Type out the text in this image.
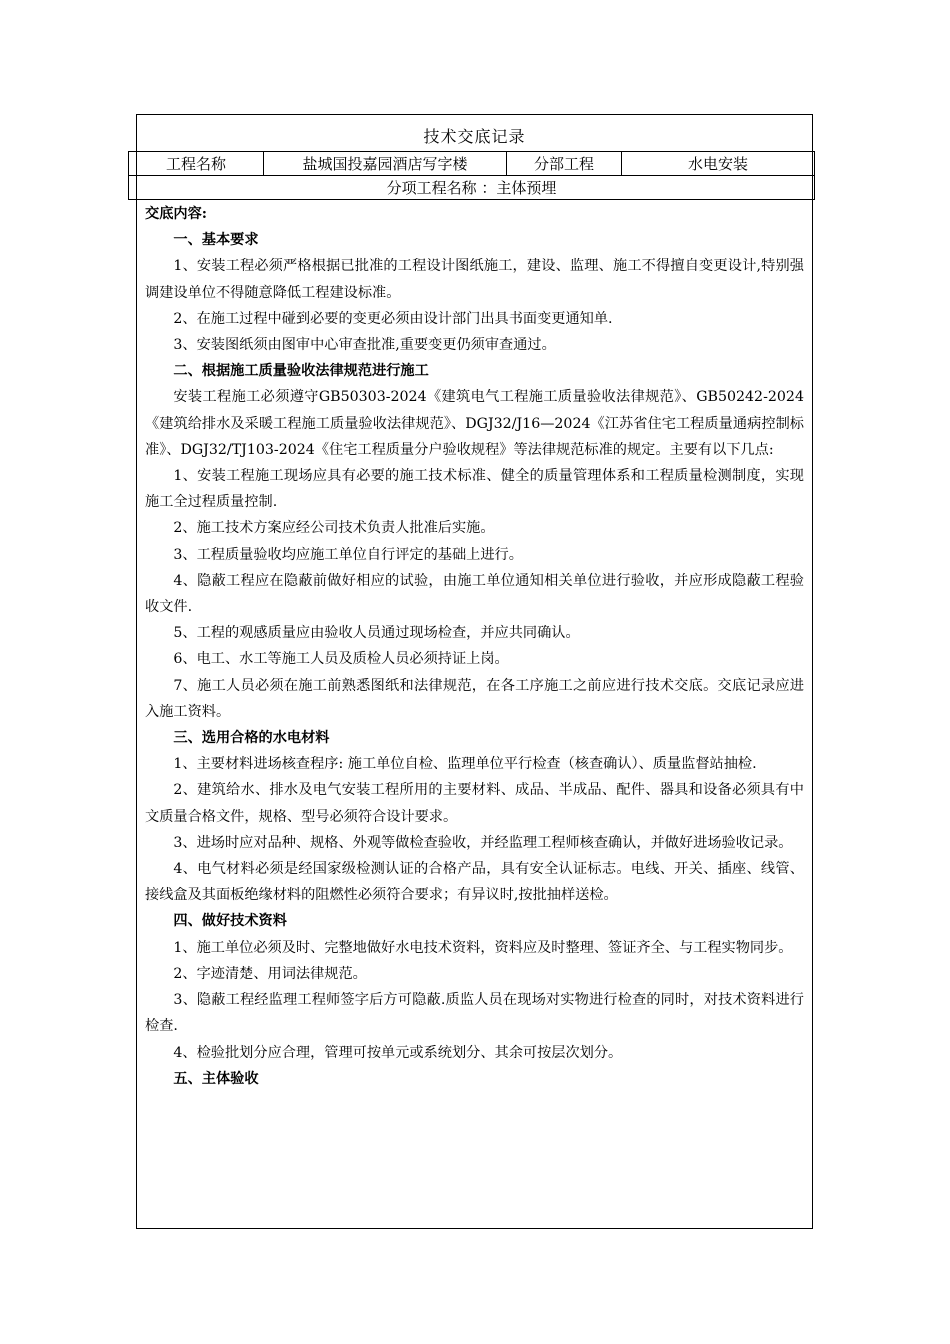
技术交底记录
工程名称	盐城国投嘉园酒店写字楼	分部工程	水电安装
分项工程名称 ：主体预埋

交底内容:

一、基本要求

1、安装工程必须严格根据已批准的工程设计图纸施工，建设、监理、施工不得擅自变更设计,特别强调建设单位不得随意降低工程建设标准。

2、在施工过程中碰到必要的变更必须由设计部门出具书面变更通知单.

3、安装图纸须由图审中心审查批准,重要变更仍须审查通过。

二、根据施工质量验收法律规范进行施工

安装工程施工必须遵守GB50303-2024《建筑电气工程施工质量验收法律规范》、GB50242-2024《建筑给排水及采暖工程施工质量验收法律规范》、DGJ32/J16—2024《江苏省住宅工程质量通病控制标准》、DGJ32/TJ103-2024《住宅工程质量分户验收规程》等法律规范标准的规定。主要有以下几点:

1、安装工程施工现场应具有必要的施工技术标准、健全的质量管理体系和工程质量检测制度，实现施工全过程质量控制.

2、施工技术方案应经公司技术负责人批准后实施。

3、工程质量验收均应施工单位自行评定的基础上进行。

4、隐蔽工程应在隐蔽前做好相应的试验，由施工单位通知相关单位进行验收，并应形成隐蔽工程验收文件.

5、工程的观感质量应由验收人员通过现场检查，并应共同确认。

6、电工、水工等施工人员及质检人员必须持证上岗。

7、施工人员必须在施工前熟悉图纸和法律规范，在各工序施工之前应进行技术交底。交底记录应进入施工资料。

三、选用合格的水电材料

1、主要材料进场核查程序: 施工单位自检、监理单位平行检查（核查确认）、质量监督站抽检.

2、建筑给水、排水及电气安装工程所用的主要材料、成品、半成品、配件、器具和设备必须具有中文质量合格文件，规格、型号必须符合设计要求。

3、进场时应对品种、规格、外观等做检查验收，并经监理工程师核查确认，并做好进场验收记录。

4、电气材料必须是经国家级检测认证的合格产品，具有安全认证标志。电线、开关、插座、线管、接线盒及其面板绝缘材料的阻燃性必须符合要求；有异议时,按批抽样送检。

四、做好技术资料

1、施工单位必须及时、完整地做好水电技术资料，资料应及时整理、签证齐全、与工程实物同步。

2、字迹清楚、用词法律规范。

3、隐蔽工程经监理工程师签字后方可隐蔽.质监人员在现场对实物进行检查的同时，对技术资料进行检查.

4、检验批划分应合理，管理可按单元或系统划分、其余可按层次划分。

五、主体验收
